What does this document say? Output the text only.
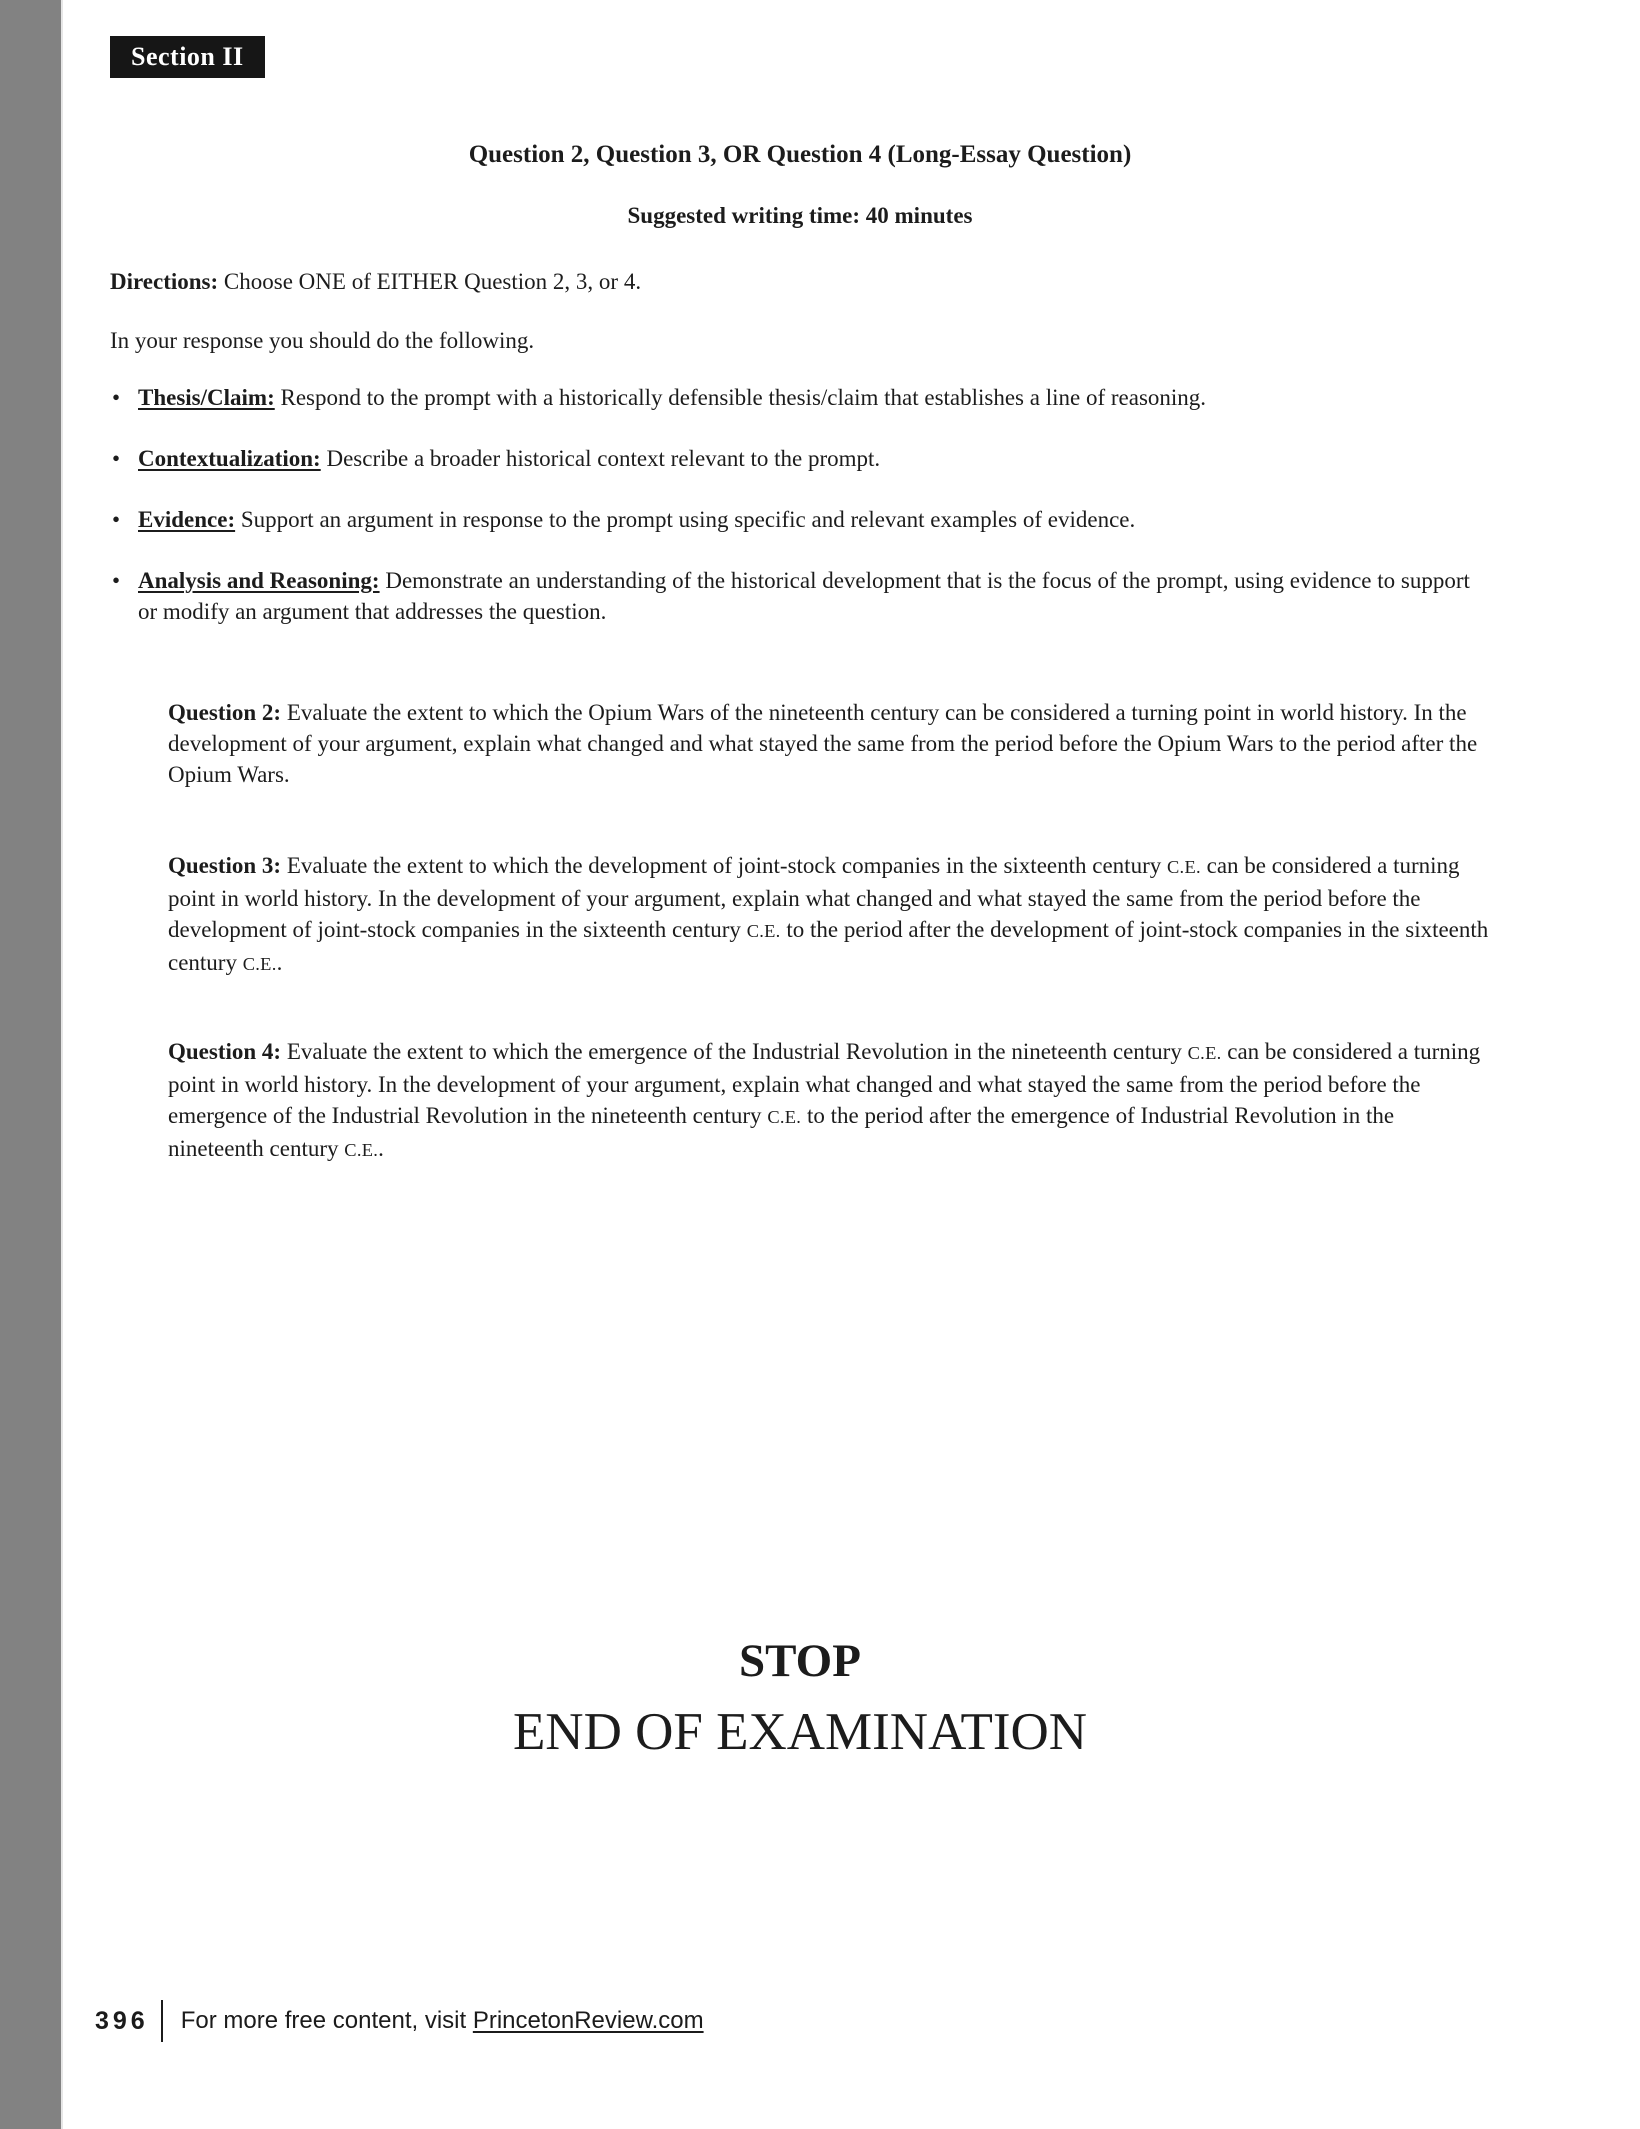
Section II
Question 2, Question 3, OR Question 4 (Long-Essay Question)
Suggested writing time: 40 minutes

Directions: Choose ONE of EITHER Question 2, 3, or 4.

In your response you should do the following.

• Thesis/Claim: Respond to the prompt with a historically defensible thesis/claim that establishes a line of reasoning.
• Contextualization: Describe a broader historical context relevant to the prompt.
• Evidence: Support an argument in response to the prompt using specific and relevant examples of evidence.
• Analysis and Reasoning: Demonstrate an understanding of the historical development that is the focus of the prompt, using evidence to support or modify an argument that addresses the question.

Question 2: Evaluate the extent to which the Opium Wars of the nineteenth century can be considered a turning point in world history. In the development of your argument, explain what changed and what stayed the same from the period before the Opium Wars to the period after the Opium Wars.

Question 3: Evaluate the extent to which the development of joint-stock companies in the sixteenth century C.E. can be considered a turning point in world history. In the development of your argument, explain what changed and what stayed the same from the period before the development of joint-stock companies in the sixteenth century C.E. to the period after the development of joint-stock companies in the sixteenth century C.E..

Question 4: Evaluate the extent to which the emergence of the Industrial Revolution in the nineteenth century C.E. can be considered a turning point in world history. In the development of your argument, explain what changed and what stayed the same from the period before the emergence of the Industrial Revolution in the nineteenth century C.E. to the period after the emergence of Industrial Revolution in the nineteenth century C.E..

STOP
END OF EXAMINATION
396 For more free content, visit PrincetonReview.com
